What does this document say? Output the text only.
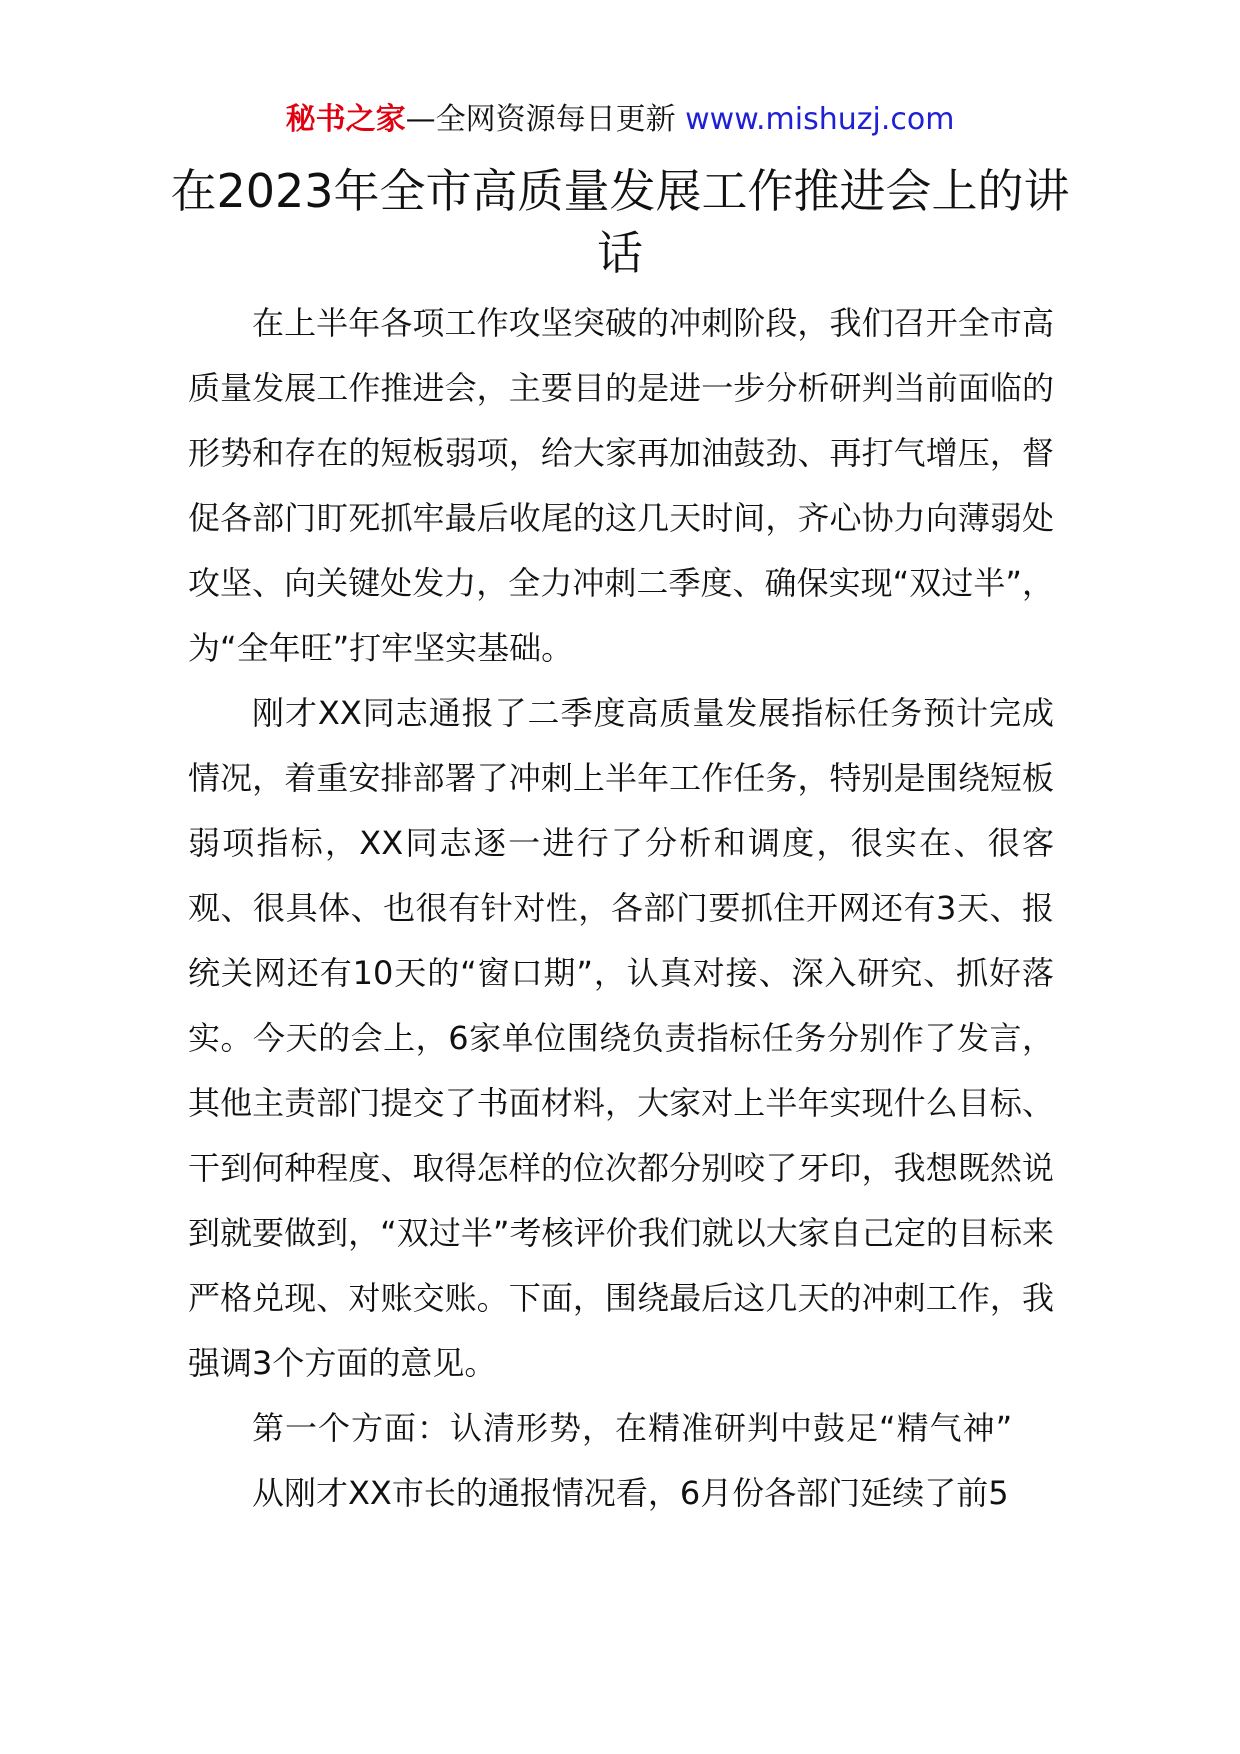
秘书之家—全网资源每日更新 www.mishuzj.com
在2023年全市高质量发展工作推进会上的讲话

在上半年各项工作攻坚突破的冲刺阶段，我们召开全市高质量发展工作推进会，主要目的是进一步分析研判当前面临的形势和存在的短板弱项，给大家再加油鼓劲、再打气增压，督促各部门盯死抓牢最后收尾的这几天时间，齐心协力向薄弱处攻坚、向关键处发力，全力冲刺二季度、确保实现“双过半”，为“全年旺”打牢坚实基础。

刚才XX同志通报了二季度高质量发展指标任务预计完成情况，着重安排部署了冲刺上半年工作任务，特别是围绕短板弱项指标，XX同志逐一进行了分析和调度，很实在、很客观、很具体、也很有针对性，各部门要抓住开网还有3天、报统关网还有10天的“窗口期”，认真对接、深入研究、抓好落实。今天的会上，6家单位围绕负责指标任务分别作了发言，其他主责部门提交了书面材料，大家对上半年实现什么目标、干到何种程度、取得怎样的位次都分别咬了牙印，我想既然说到就要做到，“双过半”考核评价我们就以大家自己定的目标来严格兑现、对账交账。下面，围绕最后这几天的冲刺工作，我强调3个方面的意见。

第一个方面：认清形势，在精准研判中鼓足“精气神”

从刚才XX市长的通报情况看，6月份各部门延续了前5
